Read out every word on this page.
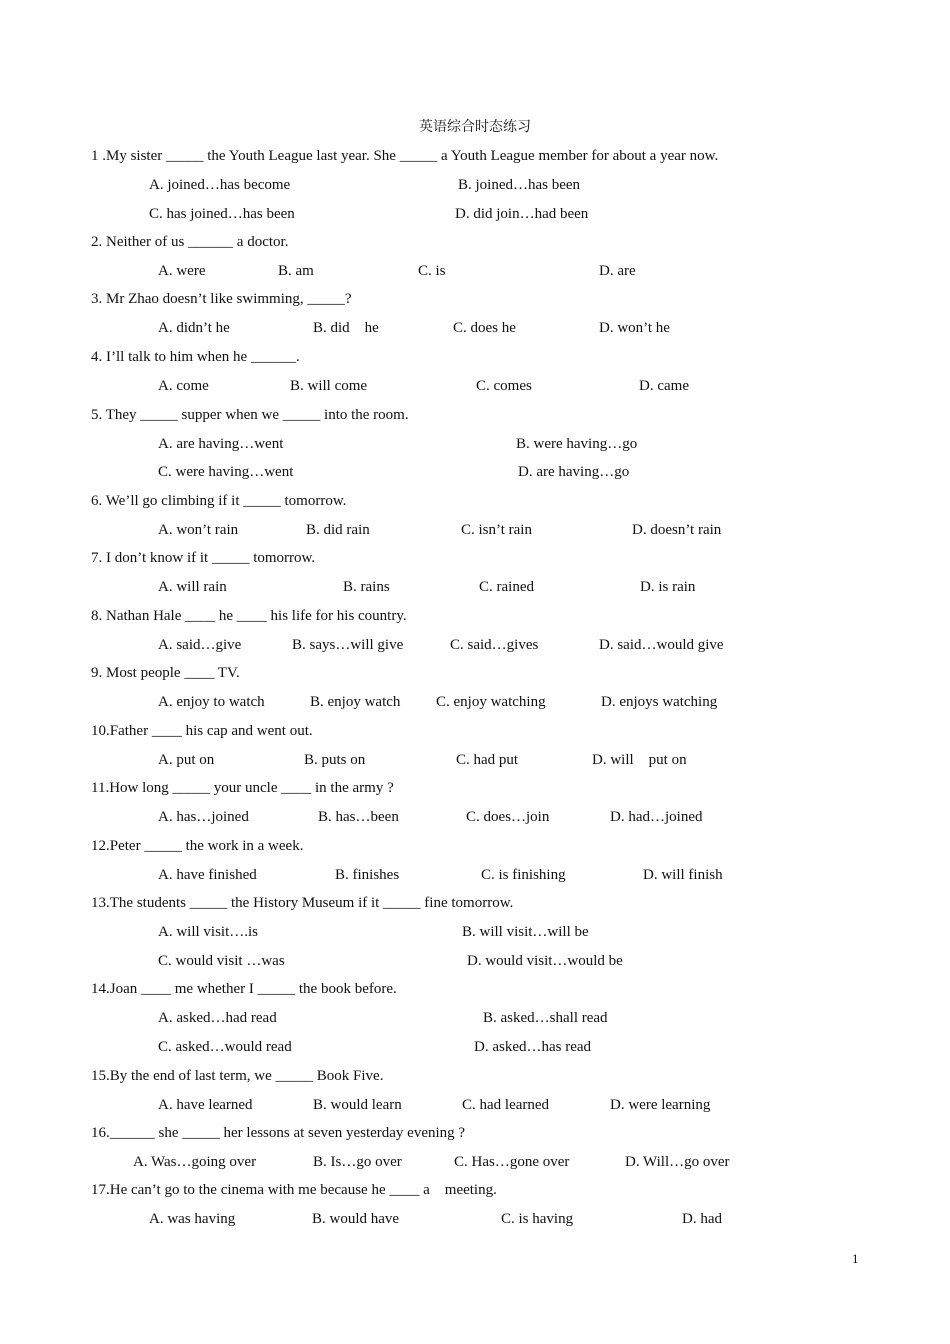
英语综合时态练习
1 .My sister _____ the Youth League last year. She _____ a Youth League member for about a year now.
A. joined…has become	B. joined…has been
C. has joined…has been	D. did join…had been
2. Neither of us ______ a doctor.
A. were	B. am	C. is	D. are
3. Mr Zhao doesn’t like swimming, _____?
A. didn’t he	B. did    he	C. does he	D. won’t he
4. I’ll talk to him when he ______.
A. come	B. will come	C. comes	D. came
5. They _____ supper when we _____ into the room.
A. are having…went	B. were having…go
C. were having…went	D. are having…go
6. We’ll go climbing if it _____ tomorrow.
A. won’t rain	B. did rain	C. isn’t rain	D. doesn’t rain
7. I don’t know if it _____ tomorrow.
A. will rain	B. rains	C. rained	D. is rain
8. Nathan Hale ____ he ____ his life for his country.
A. said…give	B. says…will give	C. said…gives	D. said…would give
9. Most people ____ TV.
A. enjoy to watch	B. enjoy watch C. enjoy watching	D. enjoys watching
10.Father ____ his cap and went out.
A. put on	B. puts on	C. had put	D. will    put on
11.How long _____ your uncle ____ in the army ?
A. has…joined	B. has…been	C. does…join	D. had…joined
12.Peter _____ the work in a week.
A. have finished	B. finishes	C. is finishing	D. will finish
13.The students _____ the History Museum if it _____ fine tomorrow.
A. will visit….is	B. will visit…will be
C. would visit …was	D. would visit…would be
14.Joan ____ me whether I _____ the book before.
A. asked…had read	B. asked…shall read
C. asked…would read	D. asked…has read
15.By the end of last term, we _____ Book Five.
A. have learned	B. would learn	C. had learned	D. were learning
16.______ she _____ her lessons at seven yesterday evening ?
A. Was…going over	B. Is…go over	C. Has…gone over	D. Will…go over
17.He can’t go to the cinema with me because he ____ a    meeting.
A. was having	B. would have	C. is having	D. had
1
